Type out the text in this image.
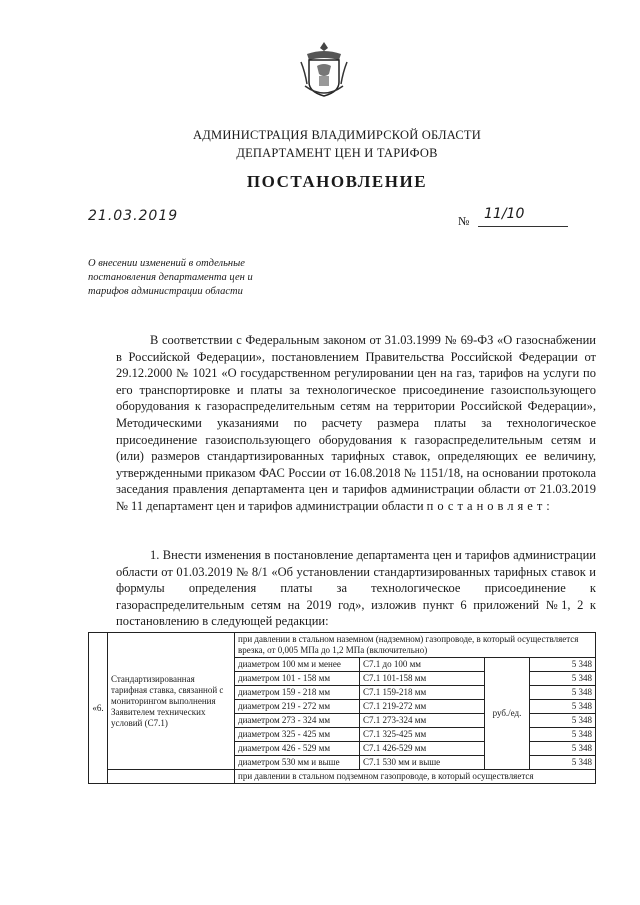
АДМИНИСТРАЦИЯ ВЛАДИМИРСКОЙ ОБЛАСТИ
ДЕПАРТАМЕНТ ЦЕН И ТАРИФОВ
ПОСТАНОВЛЕНИЕ
21.03.2019	№	11/10
О внесении изменений в отдельные постановления департамента цен и тарифов администрации области
В соответствии с Федеральным законом от 31.03.1999 № 69-ФЗ «О газоснабжении в Российской Федерации», постановлением Правительства Российской Федерации от 29.12.2000 № 1021 «О государственном регулировании цен на газ, тарифов на услуги по его транспортировке и платы за технологическое присоединение газоиспользующего оборудования к газораспределительным сетям на территории Российской Федерации», Методическими указаниями по расчету размера платы за технологическое присоединение газоиспользующего оборудования к газораспределительным сетям и (или) размеров стандартизированных тарифных ставок, определяющих ее величину, утвержденными приказом ФАС России от 16.08.2018 № 1151/18, на основании протокола заседания правления департамента цен и тарифов администрации области от 21.03.2019 № 11 департамент цен и тарифов администрации области постановляет:
1. Внести изменения в постановление департамента цен и тарифов администрации области от 01.03.2019 № 8/1 «Об установлении стандартизированных тарифных ставок и формулы определения платы за технологическое присоединение к газораспределительным сетям на 2019 год», изложив пункт 6 приложений №1, 2 к постановлению в следующей редакции:
«6.	Стандартизированная тарифная ставка, связанной с мониторингом выполнения Заявителем технических условий (С7.1)	при давлении в стальном наземном (надземном) газопроводе, в который осуществляется врезка, от 0,005 МПа до 1,2 МПа (включительно)			
		диаметром 100 мм и менее	С7.1 до 100 мм	руб./ед.	5 348
		диаметром 101 - 158 мм	С7.1 101-158 мм		5 348
		диаметром 159 - 218 мм	С7.1 159-218 мм		5 348
		диаметром 219 - 272 мм	С7.1 219-272 мм		5 348
		диаметром 273 - 324 мм	С7.1 273-324 мм		5 348
		диаметром 325 - 425 мм	С7.1 325-425 мм		5 348
		диаметром 426 - 529 мм	С7.1 426-529 мм		5 348
		диаметром 530 мм и выше	С7.1 530 мм и выше		5 348
		при давлении в стальном подземном газопроводе, в который осуществляется			
